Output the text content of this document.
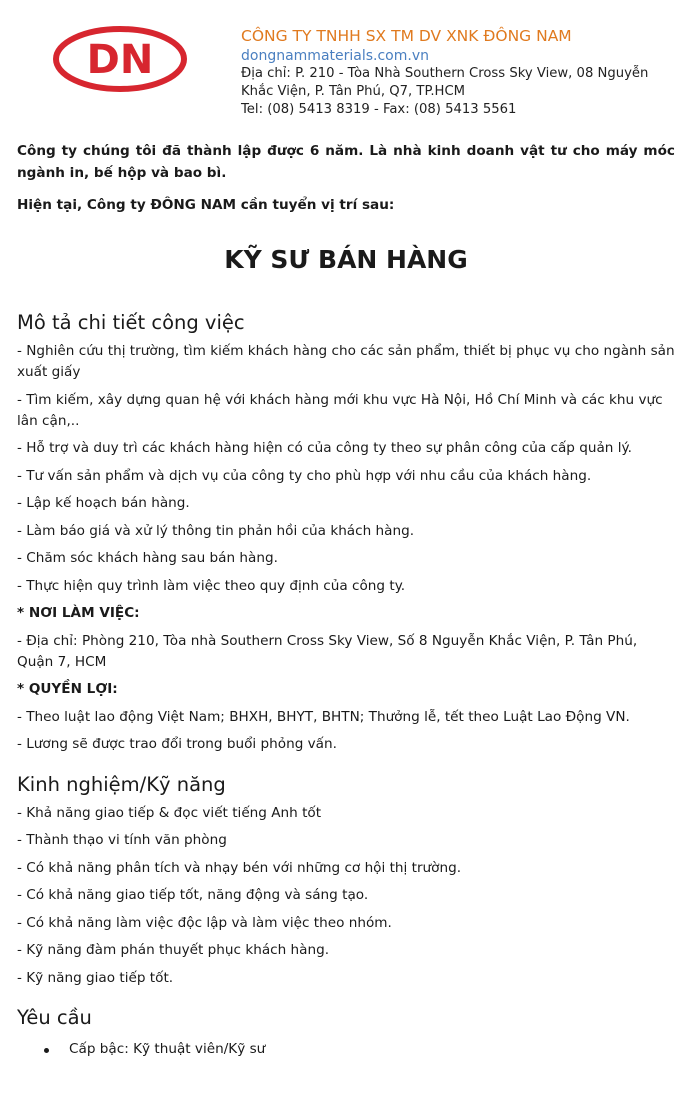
DN
CÔNG TY TNHH SX TM DV XNK ĐÔNG NAM
dongnammaterials.com.vn
Địa chỉ: P. 210 - Tòa Nhà Southern Cross Sky View, 08 Nguyễn
Khắc Viện, P. Tân Phú, Q7, TP.HCM
Tel: (08) 5413 8319 - Fax: (08) 5413 5561

Công ty chúng tôi đã thành lập được 6 năm. Là nhà kinh doanh vật tư cho máy móc ngành in, bế hộp và bao bì.

Hiện tại, Công ty ĐÔNG NAM cần tuyển vị trí sau:

KỸ SƯ BÁN HÀNG
Mô tả chi tiết công việc
- Nghiên cứu thị trường, tìm kiếm khách hàng cho các sản phẩm, thiết bị phục vụ cho ngành sản xuất giấy
- Tìm kiếm, xây dựng quan hệ với khách hàng mới khu vực Hà Nội, Hồ Chí Minh và các khu vực lân cận,..
- Hỗ trợ và duy trì các khách hàng hiện có của công ty theo sự phân công của cấp quản lý.
- Tư vấn sản phẩm và dịch vụ của công ty cho phù hợp với nhu cầu của khách hàng.
- Lập kế hoạch bán hàng.
- Làm báo giá và xử lý thông tin phản hồi của khách hàng.
- Chăm sóc khách hàng sau bán hàng.
- Thực hiện quy trình làm việc theo quy định của công ty.
* NƠI LÀM VIỆC:
- Địa chỉ: Phòng 210, Tòa nhà Southern Cross Sky View, Số 8 Nguyễn Khắc Viện, P. Tân Phú, Quận 7, HCM
* QUYỀN LỢI:
- Theo luật lao động Việt Nam; BHXH, BHYT, BHTN; Thưởng lễ, tết theo Luật Lao Động VN.
- Lương sẽ được trao đổi trong buổi phỏng vấn.
Kinh nghiệm/Kỹ năng
- Khả năng giao tiếp & đọc viết tiếng Anh tốt
- Thành thạo vi tính văn phòng
- Có khả năng phân tích và nhạy bén với những cơ hội thị trường.
- Có khả năng giao tiếp tốt, năng động và sáng tạo.
- Có khả năng làm việc độc lập và làm việc theo nhóm.
- Kỹ năng đàm phán thuyết phục khách hàng.
- Kỹ năng giao tiếp tốt.
Yêu cầu
Cấp bậc: Kỹ thuật viên/Kỹ sư
